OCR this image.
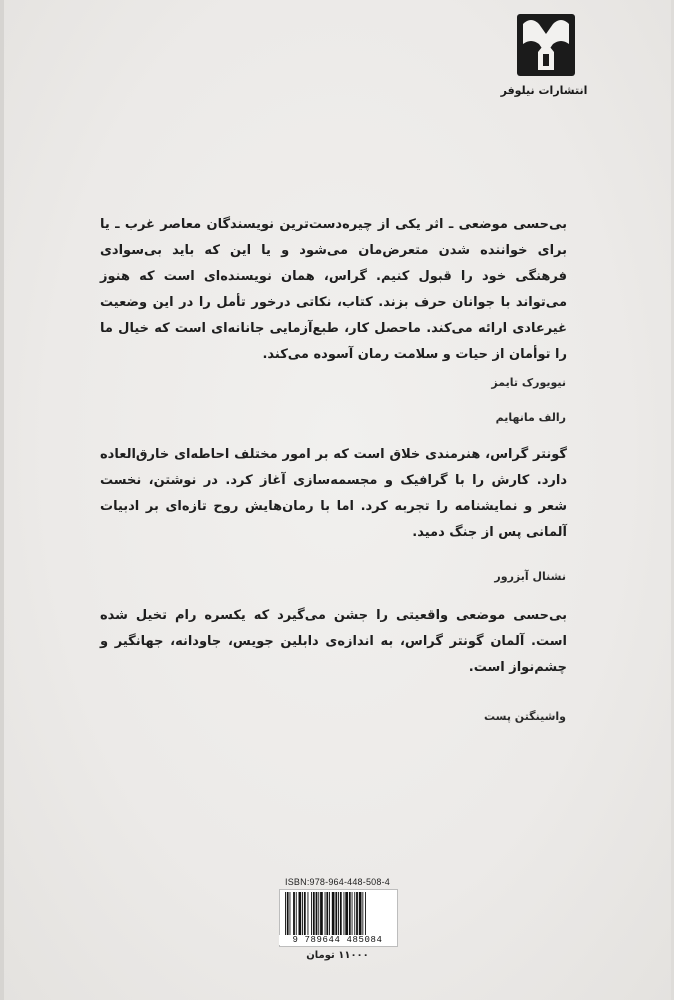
انتشارات نیلوفر
بی‌حسی موضعی ـ اثر یکی از چیره‌دست‌ترین نویسندگان معاصر غرب ـ یا برای خواننده شدن متعرض‌مان می‌شود و یا این که باید بی‌سوادی فرهنگی خود را قبول کنیم. گراس، همان نویسنده‌ای است که هنوز می‌تواند با جوانان حرف بزند. کتاب، نکاتی درخور تأمل را در این وضعیت غیرعادی ارائه می‌کند. ماحصل کار، طبع‌آزمایی جانانه‌ای است که خیال ما را توأمان از حیات و سلامت رمان آسوده می‌کند.
نیویورک تایمز
رالف مانهایم
گونتر گراس، هنرمندی خلاق است که بر امور مختلف احاطه‌ای خارق‌العاده دارد. کارش را با گرافیک و مجسمه‌سازی آغاز کرد. در نوشتن، نخست شعر و نمایشنامه را تجربه کرد. اما با رمان‌هایش روح تازه‌ای بر ادبیات آلمانی پس از جنگ دمید.
نشنال آبزرور
بی‌حسی موضعی واقعیتی را جشن می‌گیرد که یکسره رام تخیل شده است. آلمان گونتر گراس، به اندازه‌ی دابلین جویس، جاودانه، جهانگیر و چشم‌نواز است.
واشینگتن پست
ISBN:978-964-448-508-4
9 789644 485084
۱۱۰۰۰ تومان
